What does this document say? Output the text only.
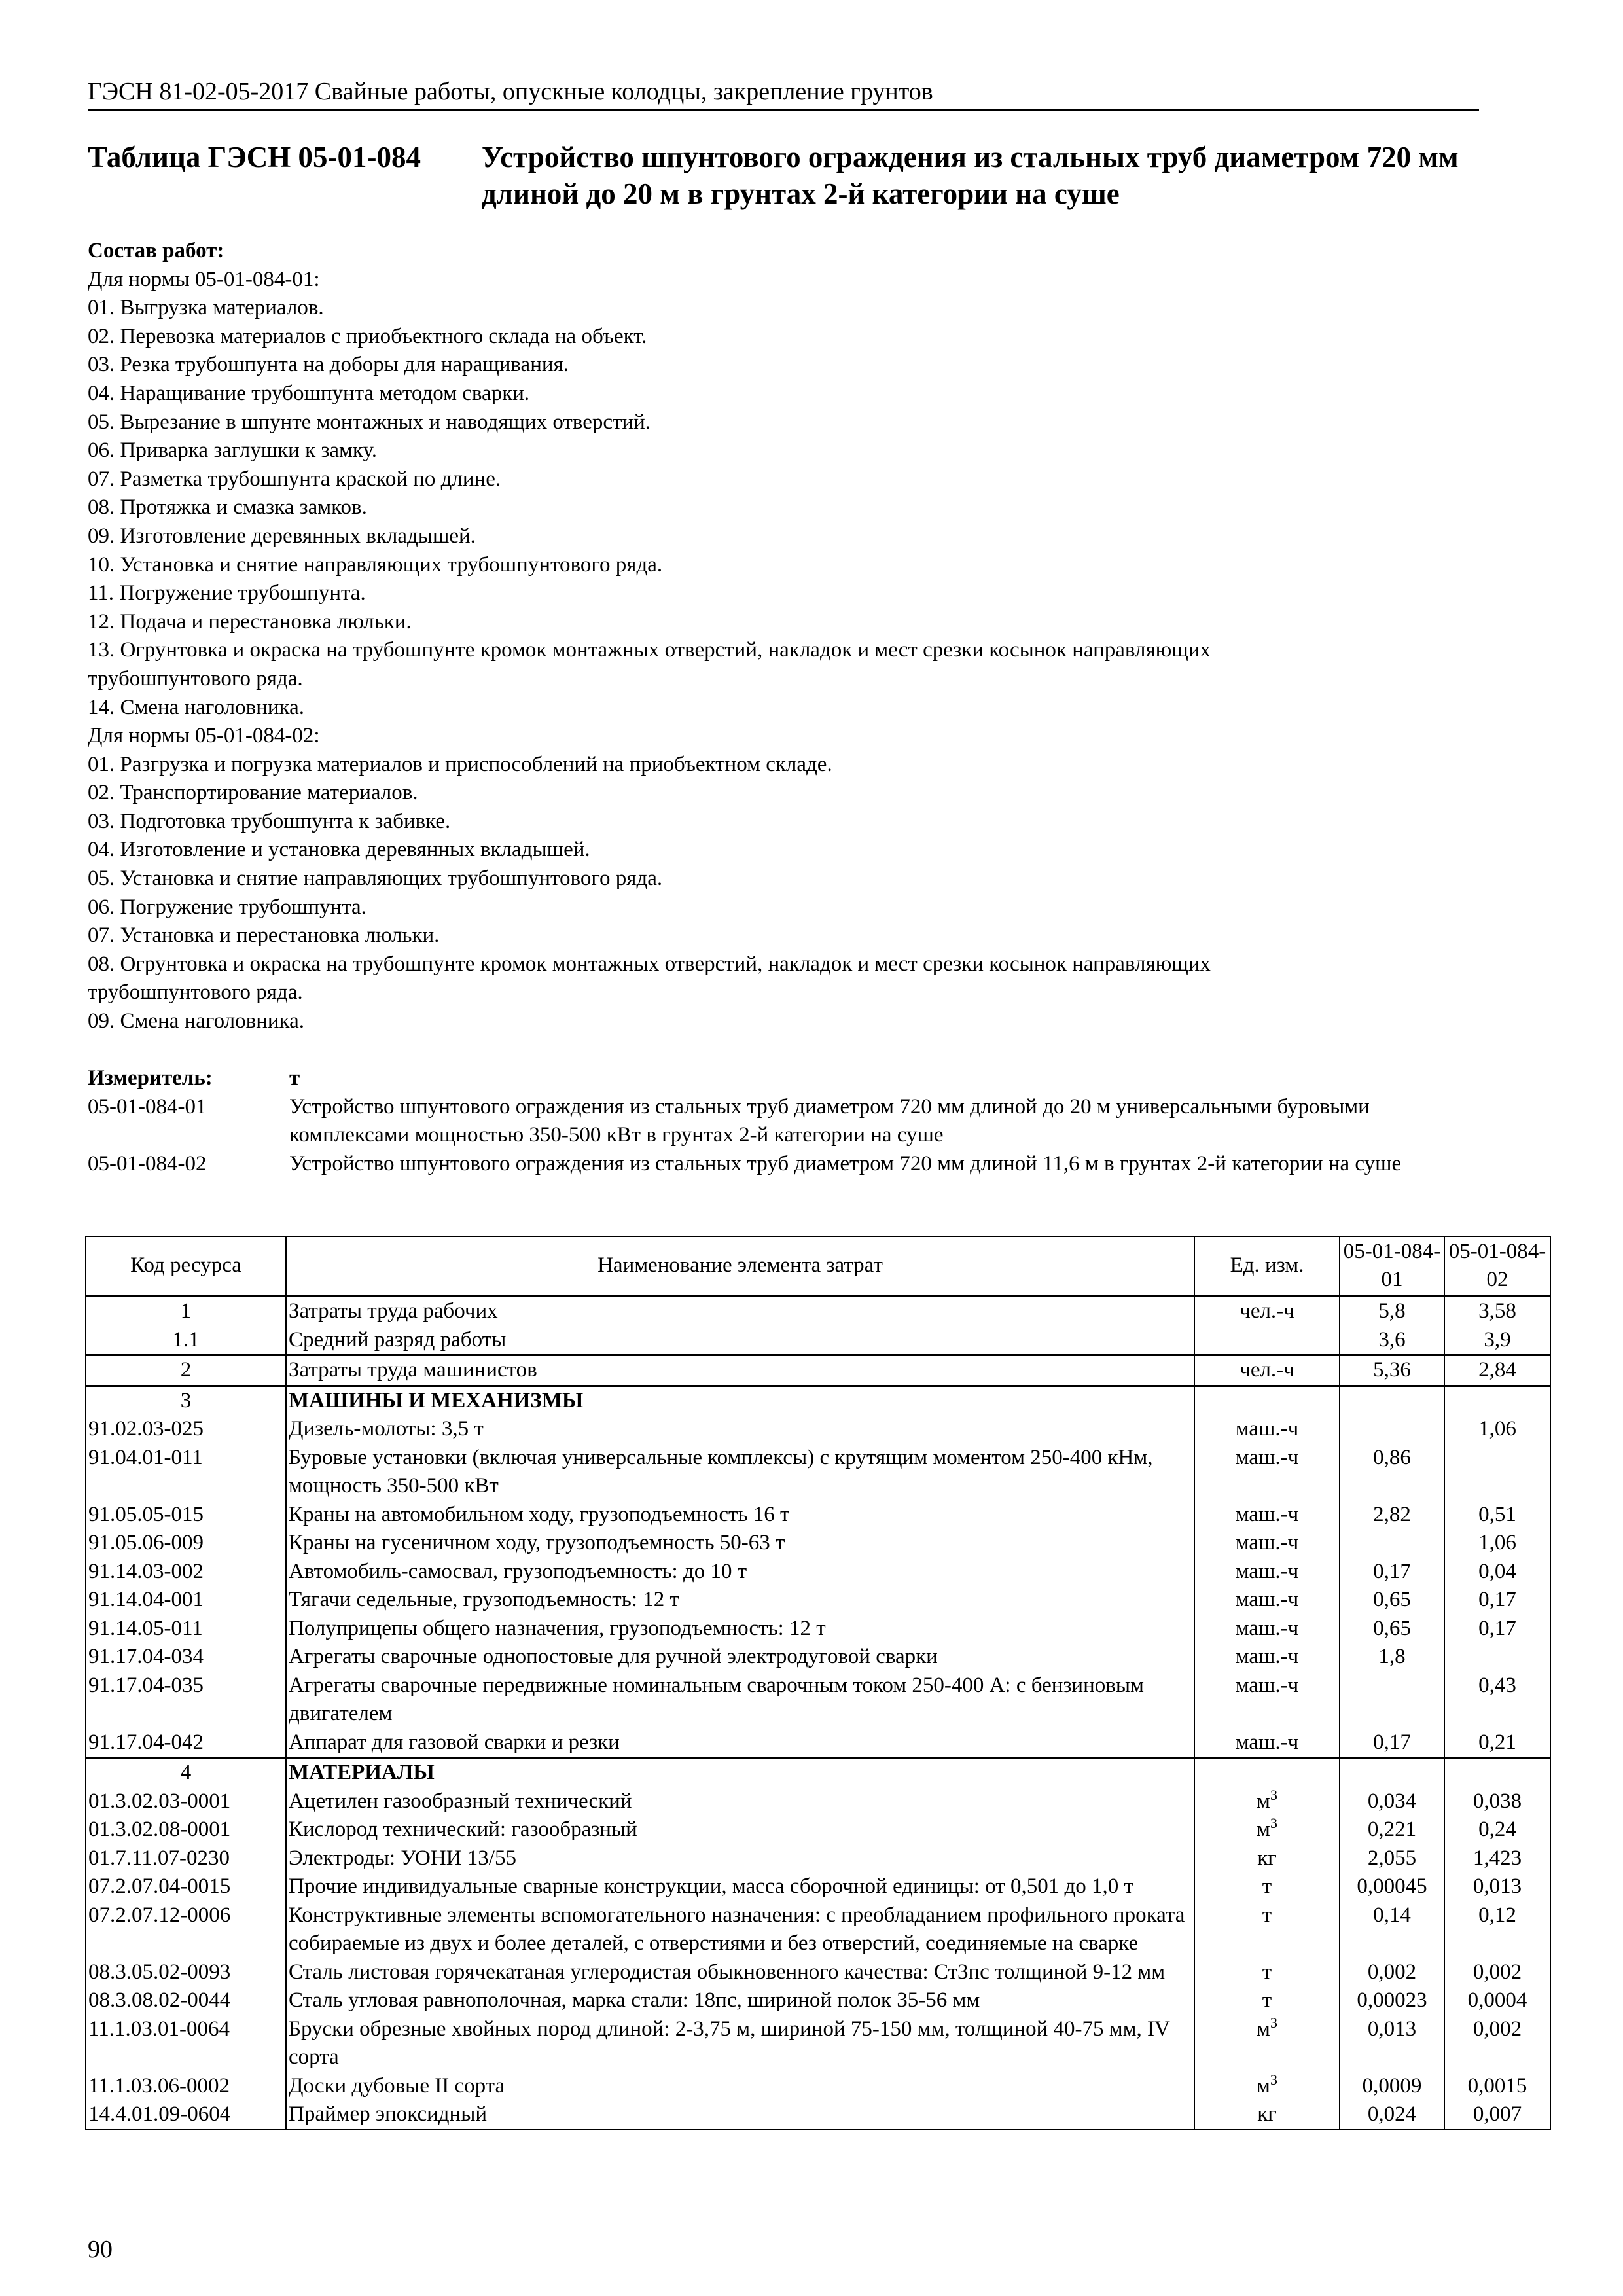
ГЭСН 81-02-05-2017 Свайные работы, опускные колодцы, закрепление грунтов
Таблица ГЭСН 05-01-084	Устройство шпунтового ограждения из стальных труб диаметром 720 мм длиной до 20 м в грунтах 2-й категории на суше
Состав работ:
Для нормы 05-01-084-01:
01. Выгрузка материалов.
02. Перевозка материалов с приобъектного склада на объект.
03. Резка трубошпунта на доборы для наращивания.
04. Наращивание трубошпунта методом сварки.
05. Вырезание в шпунте монтажных и наводящих отверстий.
06. Приварка заглушки к замку.
07. Разметка трубошпунта краской по длине.
08. Протяжка и смазка замков.
09. Изготовление деревянных вкладышей.
10. Установка и снятие направляющих трубошпунтового ряда.
11. Погружение трубошпунта.
12. Подача и перестановка люльки.
13. Огрунтовка и окраска на трубошпунте кромок монтажных отверстий, накладок и мест срезки косынок направляющих
трубошпунтового ряда.
14. Смена наголовника.
Для нормы 05-01-084-02:
01. Разгрузка и погрузка материалов и приспособлений на приобъектном складе.
02. Транспортирование материалов.
03. Подготовка трубошпунта к забивке.
04. Изготовление и установка деревянных вкладышей.
05. Установка и снятие направляющих трубошпунтового ряда.
06. Погружение трубошпунта.
07. Установка и перестановка люльки.
08. Огрунтовка и окраска на трубошпунте кромок монтажных отверстий, накладок и мест срезки косынок направляющих
трубошпунтового ряда.
09. Смена наголовника.
Измеритель:	т
05-01-084-01	Устройство шпунтового ограждения из стальных труб диаметром 720 мм длиной до 20 м универсальными буровыми комплексами мощностью 350-500 кВт в грунтах 2-й категории на суше
05-01-084-02	Устройство шпунтового ограждения из стальных труб диаметром 720 мм длиной 11,6 м в грунтах 2-й категории на суше
Код ресурса	Наименование элемента затрат	Ед. изм.	05-01-084-01	05-01-084-02
1	Затраты труда рабочих	чел.-ч	5,8	3,58
1.1	Средний разряд работы		3,6	3,9
2	Затраты труда машинистов	чел.-ч	5,36	2,84
3	МАШИНЫ И МЕХАНИЗМЫ			
91.02.03-025	Дизель-молоты: 3,5 т	маш.-ч		1,06
91.04.01-011	Буровые установки (включая универсальные комплексы) с крутящим моментом 250-400 кНм, мощность 350-500 кВт	маш.-ч	0,86	
91.05.05-015	Краны на автомобильном ходу, грузоподъемность 16 т	маш.-ч	2,82	0,51
91.05.06-009	Краны на гусеничном ходу, грузоподъемность 50-63 т	маш.-ч		1,06
91.14.03-002	Автомобиль-самосвал, грузоподъемность: до 10 т	маш.-ч	0,17	0,04
91.14.04-001	Тягачи седельные, грузоподъемность: 12 т	маш.-ч	0,65	0,17
91.14.05-011	Полуприцепы общего назначения, грузоподъемность: 12 т	маш.-ч	0,65	0,17
91.17.04-034	Агрегаты сварочные однопостовые для ручной электродуговой сварки	маш.-ч	1,8	
91.17.04-035	Агрегаты сварочные передвижные номинальным сварочным током 250-400 А: с бензиновым двигателем	маш.-ч		0,43
91.17.04-042	Аппарат для газовой сварки и резки	маш.-ч	0,17	0,21
4	МАТЕРИАЛЫ			
01.3.02.03-0001	Ацетилен газообразный технический	$м^3$	0,034	0,038
01.3.02.08-0001	Кислород технический: газообразный	$м^3$	0,221	0,24
01.7.11.07-0230	Электроды: УОНИ 13/55	кг	2,055	1,423
07.2.07.04-0015	Прочие индивидуальные сварные конструкции, масса сборочной единицы: от 0,501 до 1,0 т	т	0,00045	0,013
07.2.07.12-0006	Конструктивные элементы вспомогательного назначения: с преобладанием профильного проката собираемые из двух и более деталей, с отверстиями и без отверстий, соединяемые на сварке	т	0,14	0,12
08.3.05.02-0093	Сталь листовая горячекатаная углеродистая обыкновенного качества: Ст3пс толщиной 9-12 мм	т	0,002	0,002
08.3.08.02-0044	Сталь угловая равнополочная, марка стали: 18пс, шириной полок 35-56 мм	т	0,00023	0,0004
11.1.03.01-0064	Бруски обрезные хвойных пород длиной: 2-3,75 м, шириной 75-150 мм, толщиной 40-75 мм, IV сорта	$м^3$	0,013	0,002
11.1.03.06-0002	Доски дубовые II сорта	$м^3$	0,0009	0,0015
14.4.01.09-0604	Праймер эпоксидный	кг	0,024	0,007
90
